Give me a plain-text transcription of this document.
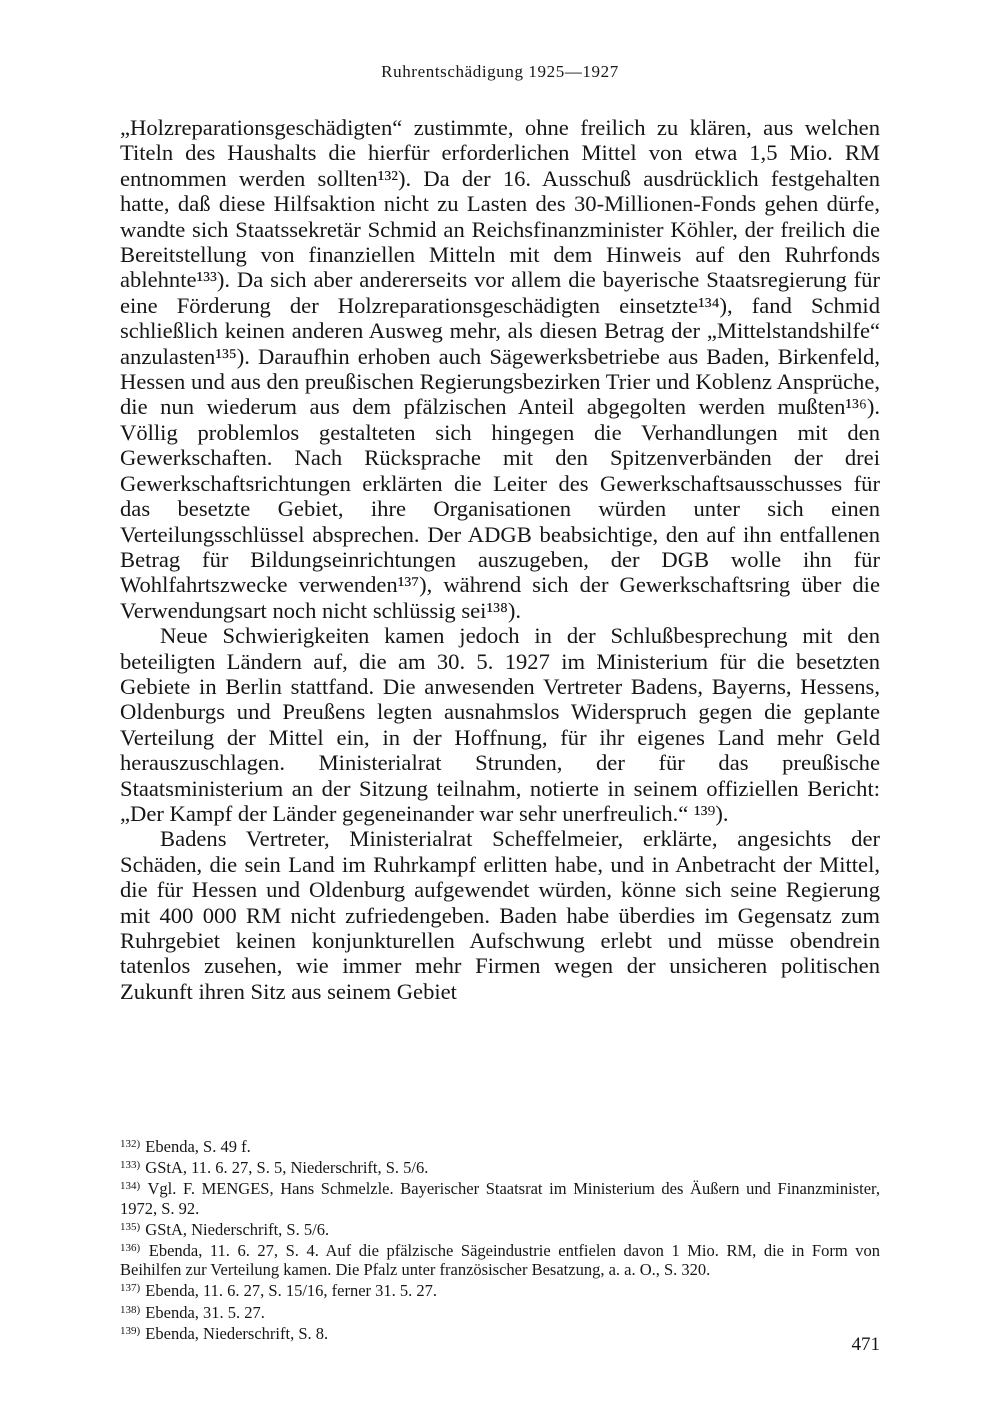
Ruhrentschädigung 1925—1927

„Holzreparationsgeschädigten“ zustimmte, ohne freilich zu klären, aus welchen Titeln des Haushalts die hierfür erforderlichen Mittel von etwa 1,5 Mio. RM entnommen werden sollten¹³²). Da der 16. Ausschuß ausdrücklich festgehalten hatte, daß diese Hilfsaktion nicht zu Lasten des 30-Millionen-Fonds gehen dürfe, wandte sich Staatssekretär Schmid an Reichsfinanzminister Köhler, der freilich die Bereitstellung von finanziellen Mitteln mit dem Hinweis auf den Ruhrfonds ablehnte¹³³). Da sich aber andererseits vor allem die bayerische Staatsregierung für eine Förderung der Holzreparationsgeschädigten einsetzte¹³⁴), fand Schmid schließlich keinen anderen Ausweg mehr, als diesen Betrag der „Mittelstandshilfe“ anzulasten¹³⁵). Daraufhin erhoben auch Sägewerksbetriebe aus Baden, Birkenfeld, Hessen und aus den preußischen Regierungsbezirken Trier und Koblenz Ansprüche, die nun wiederum aus dem pfälzischen Anteil abgegolten werden mußten¹³⁶). Völlig problemlos gestalteten sich hingegen die Verhandlungen mit den Gewerkschaften. Nach Rücksprache mit den Spitzenverbänden der drei Gewerkschaftsrichtungen erklärten die Leiter des Gewerkschaftsausschusses für das besetzte Gebiet, ihre Organisationen würden unter sich einen Verteilungsschlüssel absprechen. Der ADGB beabsichtige, den auf ihn entfallenen Betrag für Bildungseinrichtungen auszugeben, der DGB wolle ihn für Wohlfahrtszwecke verwenden¹³⁷), während sich der Gewerkschaftsring über die Verwendungsart noch nicht schlüssig sei¹³⁸).

Neue Schwierigkeiten kamen jedoch in der Schlußbesprechung mit den beteiligten Ländern auf, die am 30. 5. 1927 im Ministerium für die besetzten Gebiete in Berlin stattfand. Die anwesenden Vertreter Badens, Bayerns, Hessens, Oldenburgs und Preußens legten ausnahmslos Widerspruch gegen die geplante Verteilung der Mittel ein, in der Hoffnung, für ihr eigenes Land mehr Geld herauszuschlagen. Ministerialrat Strunden, der für das preußische Staatsministerium an der Sitzung teilnahm, notierte in seinem offiziellen Bericht: „Der Kampf der Länder gegeneinander war sehr unerfreulich.“ ¹³⁹).

Badens Vertreter, Ministerialrat Scheffelmeier, erklärte, angesichts der Schäden, die sein Land im Ruhrkampf erlitten habe, und in Anbetracht der Mittel, die für Hessen und Oldenburg aufgewendet würden, könne sich seine Regierung mit 400 000 RM nicht zufriedengeben. Baden habe überdies im Gegensatz zum Ruhrgebiet keinen konjunkturellen Aufschwung erlebt und müsse obendrein tatenlos zusehen, wie immer mehr Firmen wegen der unsicheren politischen Zukunft ihren Sitz aus seinem Gebiet

$^{132)}$ Ebenda, S. 49 f.

$^{133)}$ GStA, 11. 6. 27, S. 5, Niederschrift, S. 5/6.

$^{134)}$ Vgl. F. MENGES, Hans Schmelzle. Bayerischer Staatsrat im Ministerium des Äußern und Finanzminister, 1972, S. 92.

$^{135)}$ GStA, Niederschrift, S. 5/6.

$^{136)}$ Ebenda, 11. 6. 27, S. 4. Auf die pfälzische Sägeindustrie entfielen davon 1 Mio. RM, die in Form von Beihilfen zur Verteilung kamen. Die Pfalz unter französischer Besatzung, a. a. O., S. 320.

$^{137)}$ Ebenda, 11. 6. 27, S. 15/16, ferner 31. 5. 27.

$^{138)}$ Ebenda, 31. 5. 27.

$^{139)}$ Ebenda, Niederschrift, S. 8.

471
